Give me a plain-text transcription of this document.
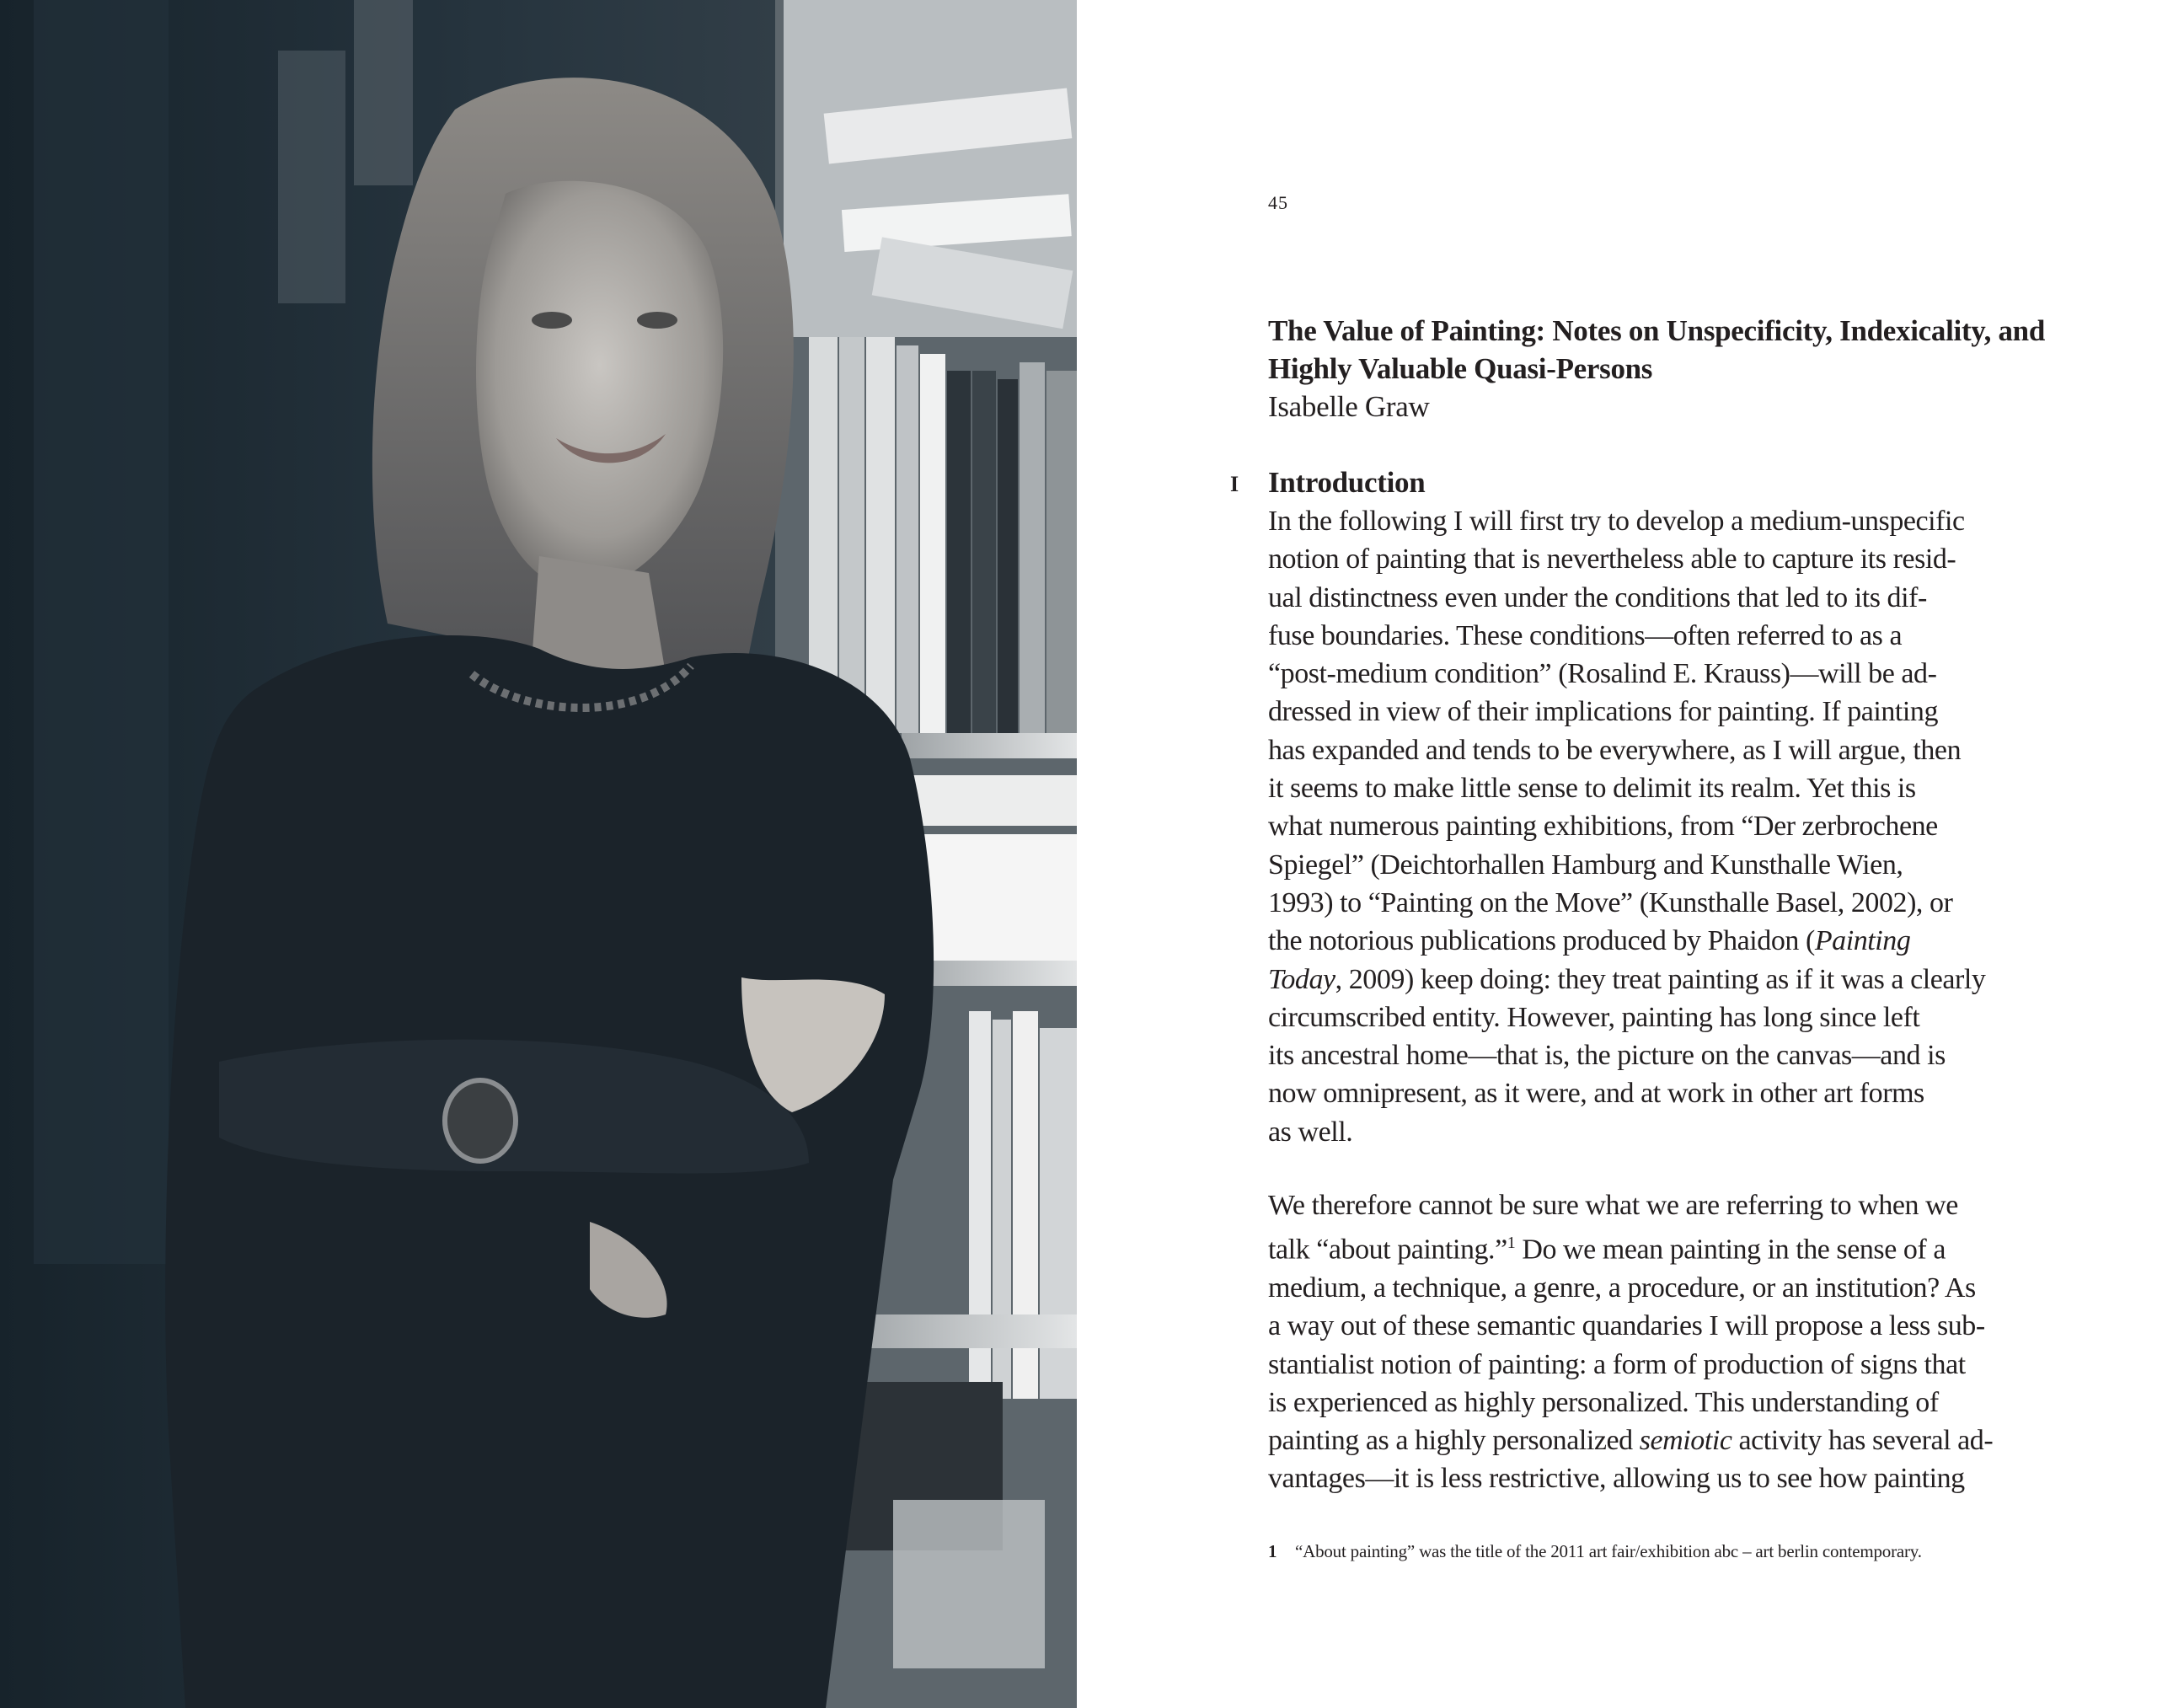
45
The Value of Painting: Notes on Unspecificity, Indexicality, and Highly Valuable Quasi-Persons
Isabelle Graw
I Introduction

In the following I will first try to develop a medium-unspecific
notion of painting that is nevertheless able to capture its resid-
ual distinctness even under the conditions that led to its dif-
fuse boundaries. These conditions—often referred to as a
“post-medium condition” (Rosalind E. Krauss)—will be ad-
dressed in view of their implications for painting. If painting
has expanded and tends to be everywhere, as I will argue, then
it seems to make little sense to delimit its realm. Yet this is
what numerous painting exhibitions, from “Der zerbrochene
Spiegel” (Deichtorhallen Hamburg and Kunsthalle Wien,
1993) to “Painting on the Move” (Kunsthalle Basel, 2002), or
the notorious publications produced by Phaidon (Painting
Today, 2009) keep doing: they treat painting as if it was a clearly
circumscribed entity. However, painting has long since left
its ancestral home—that is, the picture on the canvas—and is
now omnipresent, as it were, and at work in other art forms
as well.

We therefore cannot be sure what we are referring to when we
talk “about painting.”$^1$ Do we mean painting in the sense of a
medium, a technique, a genre, a procedure, or an institution? As
a way out of these semantic quandaries I will propose a less sub-
stantialist notion of painting: a form of production of signs that
is experienced as highly personalized. This understanding of
painting as a highly personalized semiotic activity has several ad-
vantages—it is less restrictive, allowing us to see how painting

1 “About painting” was the title of the 2011 art fair/exhibition abc – art berlin contemporary.
